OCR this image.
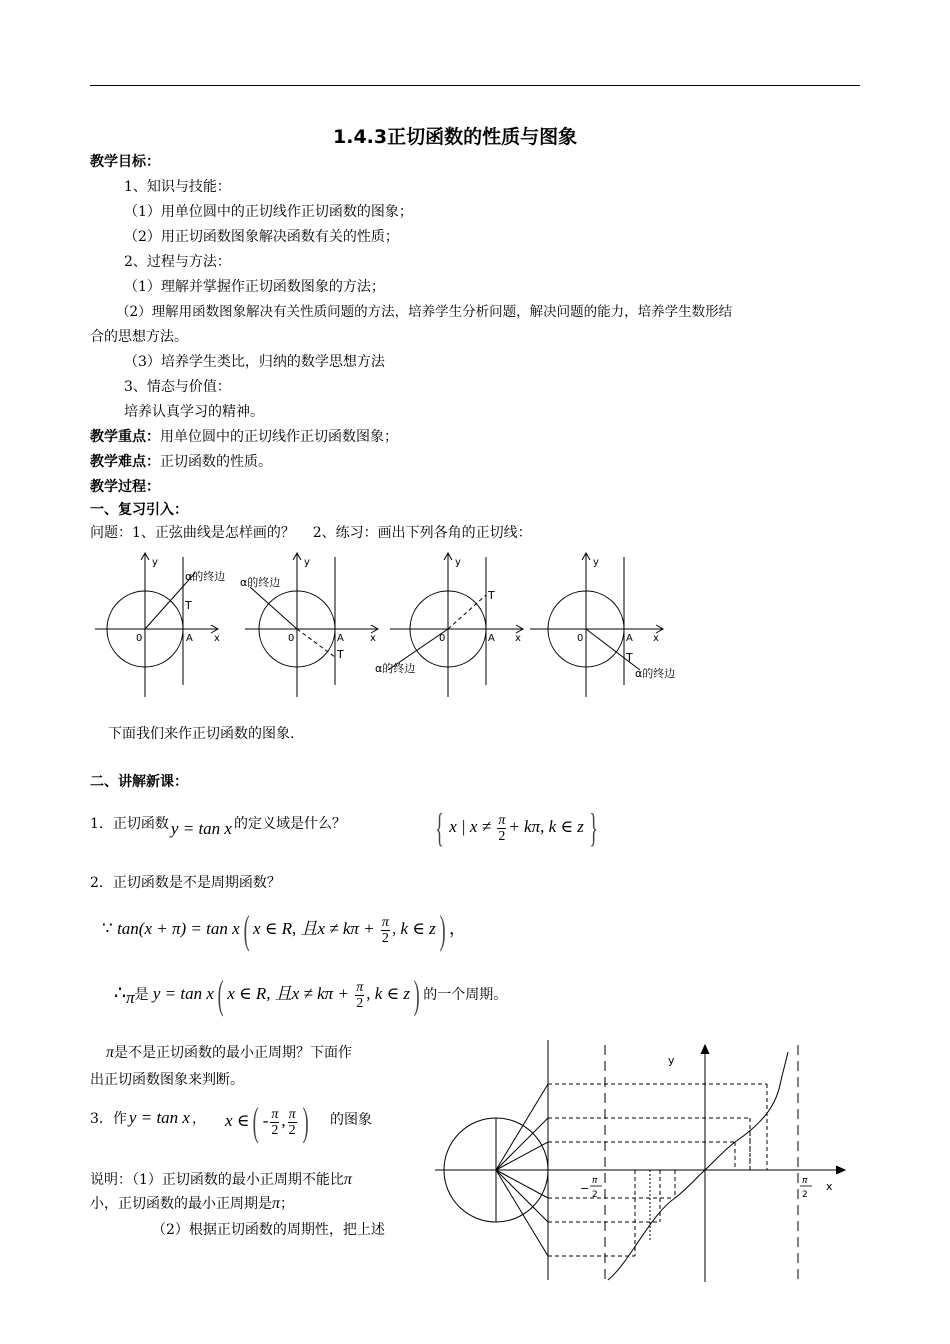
1.4.3正切函数的性质与图象
教学目标：
1、知识与技能：
（1）用单位圆中的正切线作正切函数的图象；
（2）用正切函数图象解决函数有关的性质；
2、过程与方法：
（1）理解并掌握作正切函数图象的方法；
（2）理解用函数图象解决有关性质问题的方法，培养学生分析问题，解决问题的能力，培养学生数形结
合的思想方法。
（3）培养学生类比，归纳的数学思想方法
3、情态与价值：
培养认真学习的精神。
教学重点：用单位圆中的正切线作正切函数图象；
教学难点：正切函数的性质。
教学过程：
一、复习引入：
问题：1、正弦曲线是怎样画的？    2、练习：画出下列各角的正切线：
y
α的终边
T
0	A x
y
α的终边
T
0	A	x
y
α的终边
T
0	A x
y
α的终边
T
0	A x
下面我们来作正切函数的图象.
二、讲解新课：
1．正切函数 y = tan x 的定义域是什么？ { x | $x \ne \frac{\pi}{2} + k\pi$, k ∈ z }
2．正切函数是不是周期函数？
∵ tan(x + π) = tan x( x ∈ R, 且$x \ne k\pi + \frac{\pi}{2}$ , k ∈ z) ，
∴π是 y = tan x( x ∈ R, 且$x \ne k\pi + \frac{\pi}{2}$ , k ∈ z) 的一个周期。
π是不是正切函数的最小正周期？下面作
出正切函数图象来判断。
3．作 y = tan x ， x ∈( - $\frac{\pi}{2}$ , $\frac{\pi}{2}$ ) 的图象
说明：（1）正切函数的最小正周期不能比π
小，正切函数的最小正周期是π；
（2）根据正切函数的周期性，把上述
y
x
−
π
2
π
2
